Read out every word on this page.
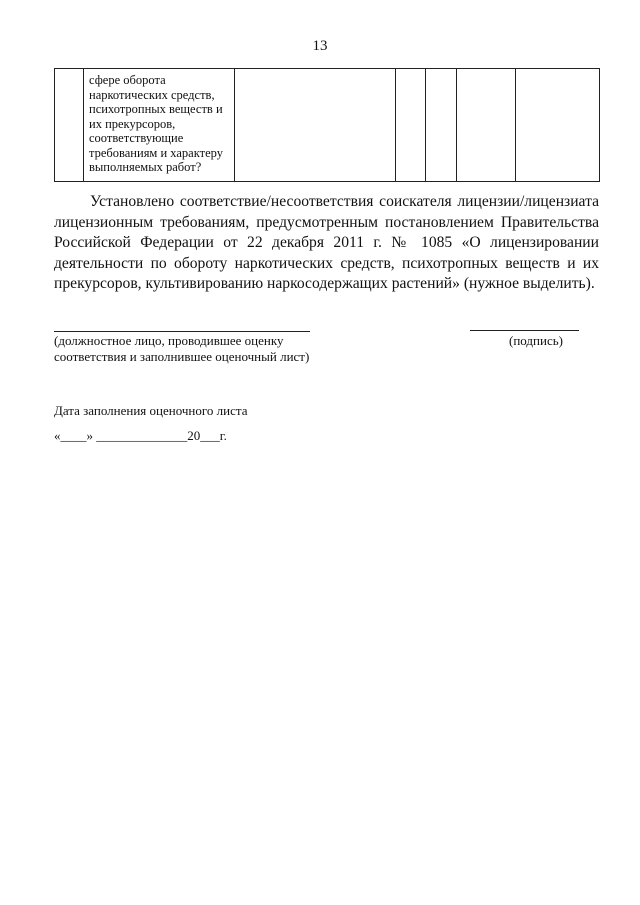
13

сфере оборота наркотических средств, психотропных веществ и их прекурсоров, соответствующие требованиям и характеру выполняемых работ?

Установлено соответствие/несоответствия соискателя лицензии/лицензиата лицензионным требованиям, предусмотренным постановлением Правительства Российской Федерации от 22 декабря 2011 г. № 1085 «О лицензировании деятельности по обороту наркотических средств, психотропных веществ и их прекурсоров, культивированию наркосодержащих растений» (нужное выделить).
(должностное лицо, проводившее оценку соответствия и заполнившее оценочный лист)
(подпись)
Дата заполнения оценочного листа
«____» ______________20___г.
